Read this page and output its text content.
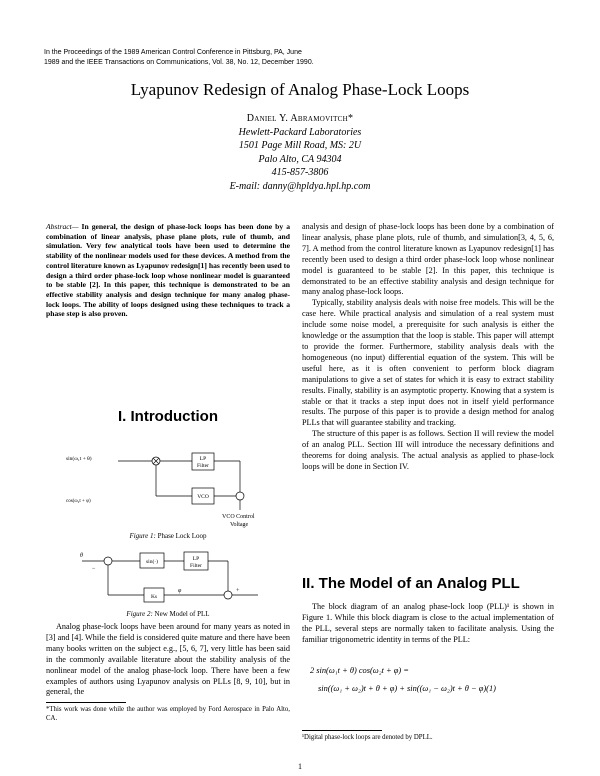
In the Proceedings of the 1989 American Control Conference in Pittsburg, PA, June 1989 and the IEEE Transactions on Communications, Vol. 38, No. 12, December 1990.
Lyapunov Redesign of Analog Phase-Lock Loops
Daniel Y. Abramovitch*
Hewlett-Packard Laboratories
1501 Page Mill Road, MS: 2U
Palo Alto, CA 94304
415-857-3806
E-mail: danny@hpldya.hpl.hp.com
Abstract— In general, the design of phase-lock loops has been done by a combination of linear analysis, phase plane plots, rule of thumb, and simulation. Very few analytical tools have been used to determine the stability of the nonlinear models used for these devices. A method from the control literature known as Lyapunov redesign[1] has recently been used to design a third order phase-lock loop whose nonlinear model is guaranteed to be stable [2]. In this paper, this technique is demonstrated to be an effective stability analysis and design technique for many analog phase-lock loops. The ability of loops designed using these techniques to track a phase step is also proven.
I. Introduction
sin(ω₁t + θ)	LP
Filter
VCO
cos(ω₂t + φ)
VCO Control
Voltage
Figure 1: Phase Lock Loop
θ
−
sin(·)	LP
Filter
+
Ks
φ
Figure 2: New Model of PLL

Analog phase-lock loops have been around for many years as noted in [3] and [4]. While the field is considered quite mature and there have been many books written on the subject e.g., [5, 6, 7], very little has been said in the commonly available literature about the stability analysis of the nonlinear model of the analog phase-lock loop. There have been a few examples of authors using Lyapunov analysis on PLLs [8, 9, 10], but in general, the

*This work was done while the author was employed by Ford Aerospace in Palo Alto, CA.

analysis and design of phase-lock loops has been done by a combination of linear analysis, phase plane plots, rule of thumb, and simulation[3, 4, 5, 6, 7]. A method from the control literature known as Lyapunov redesign[1] has recently been used to design a third order phase-lock loop whose nonlinear model is guaranteed to be stable [2]. In this paper, this technique is demonstrated to be an effective stability analysis and design technique for many analog phase-lock loops.

Typically, stability analysis deals with noise free models. This will be the case here. While practical analysis and simulation of a real system must include some noise model, a prerequisite for such analysis is either the knowledge or the assumption that the loop is stable. This paper will attempt to provide the former. Furthermore, stability analysis deals with the homogeneous (no input) differential equation of the system. This will be useful here, as it is often convenient to perform block diagram manipulations to give a set of states for which it is easy to extract stability results. Finally, stability is an asymptotic property. Knowing that a system is stable or that it tracks a step input does not in itself yield performance results. The purpose of this paper is to provide a design method for analog PLLs that will guarantee stability and tracking.

The structure of this paper is as follows. Section II will review the model of an analog PLL. Section III will introduce the necessary definitions and theorems for doing analysis. The actual analysis as applied to phase-lock loops will be done in Section IV.

II. The Model of an Analog PLL

The block diagram of an analog phase-lock loop (PLL)¹ is shown in Figure 1. While this block diagram is close to the actual implementation of the PLL, several steps are normally taken to facilitate analysis. Using the familiar trigonometric identity in terms of the PLL:

2 sin(ω₁t + θ) cos(ω₂t + φ) =
sin((ω₁ + ω₂)t + θ + φ) + sin((ω₁ − ω₂)t + θ − φ)(1)
¹Digital phase-lock loops are denoted by DPLL.
1
